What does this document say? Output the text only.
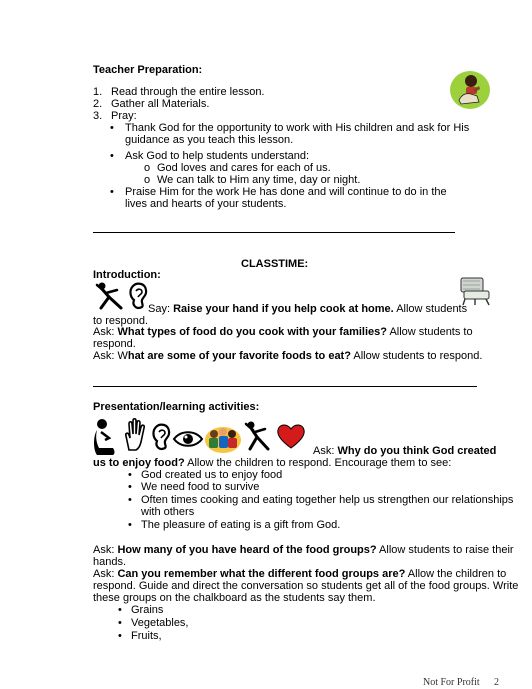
Teacher Preparation:
1. Read through the entire lesson.
2. Gather all Materials.
3. Pray:
• Thank God for the opportunity to work with His children and ask for His
guidance as you teach this lesson.
• Ask God to help students understand:
o God loves and cares for each of us.
o We can talk to Him any time, day or night.
• Praise Him for the work He has done and will continue to do in the
lives and hearts of your students.
CLASSTIME:
Introduction:
Say: Raise your hand if you help cook at home. Allow students
to respond.
Ask: What types of food do you cook with your families? Allow students to
respond.
Ask: What are some of your favorite foods to eat? Allow students to respond.
Presentation/learning activities:
Ask: Why do you think God created
us to enjoy food? Allow the children to respond. Encourage them to see:
• God created us to enjoy food
• We need food to survive
• Often times cooking and eating together help us strengthen our relationships
with others
• The pleasure of eating is a gift from God.
Ask: How many of you have heard of the food groups? Allow students to raise their
hands.
Ask: Can you remember what the different food groups are? Allow the children to
respond. Guide and direct the conversation so students get all of the food groups. Write
these groups on the chalkboard as the students say them.
• Grains
• Vegetables,
• Fruits,
Not For Profit 2
